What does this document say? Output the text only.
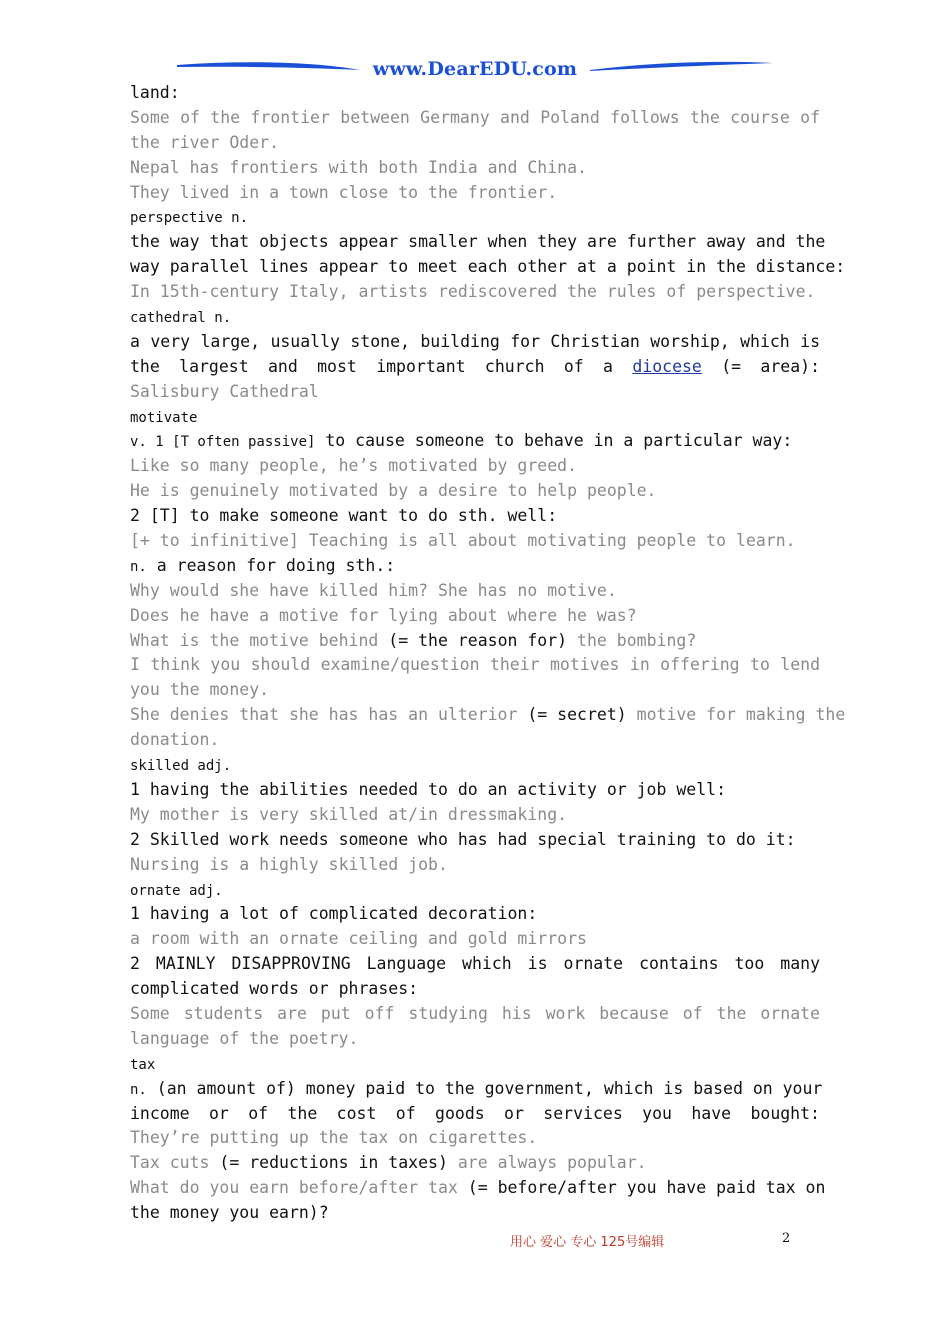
www.DearEDU.com
land:
Some of the frontier between Germany and Poland follows the course of
the river Oder.
Nepal has frontiers with both India and China.
They lived in a town close to the frontier.
perspective n.
the way that objects appear smaller when they are further away and the
way parallel lines appear to meet each other at a point in the distance:
In 15th-century Italy, artists rediscovered the rules of perspective.
cathedral n.
a very large, usually stone, building for Christian worship, which is
the largest and most important church of a diocese (= area):
Salisbury Cathedral
motivate
v. 1 [T often passive] to cause someone to behave in a particular way:
Like so many people, he’s motivated by greed.
He is genuinely motivated by a desire to help people.
2 [T] to make someone want to do sth. well:
[+ to infinitive] Teaching is all about motivating people to learn.
n. a reason for doing sth.:
Why would she have killed him? She has no motive.
Does he have a motive for lying about where he was?
What is the motive behind (= the reason for) the bombing?
I think you should examine/question their motives in offering to lend
you the money.
She denies that she has has an ulterior (= secret) motive for making the
donation.
skilled adj.
1 having the abilities needed to do an activity or job well:
My mother is very skilled at/in dressmaking.
2 Skilled work needs someone who has had special training to do it:
Nursing is a highly skilled job.
ornate adj.
1 having a lot of complicated decoration:
a room with an ornate ceiling and gold mirrors
2 MAINLY DISAPPROVING Language which is ornate contains too many
complicated words or phrases:
Some students are put off studying his work because of the ornate
language of the poetry.
tax
n. (an amount of) money paid to the government, which is based on your
income or of the cost of goods or services you have bought:
They’re putting up the tax on cigarettes.
Tax cuts (= reductions in taxes) are always popular.
What do you earn before/after tax (= before/after you have paid tax on
the money you earn)?
用心 爱心 专心 125号编辑	2
